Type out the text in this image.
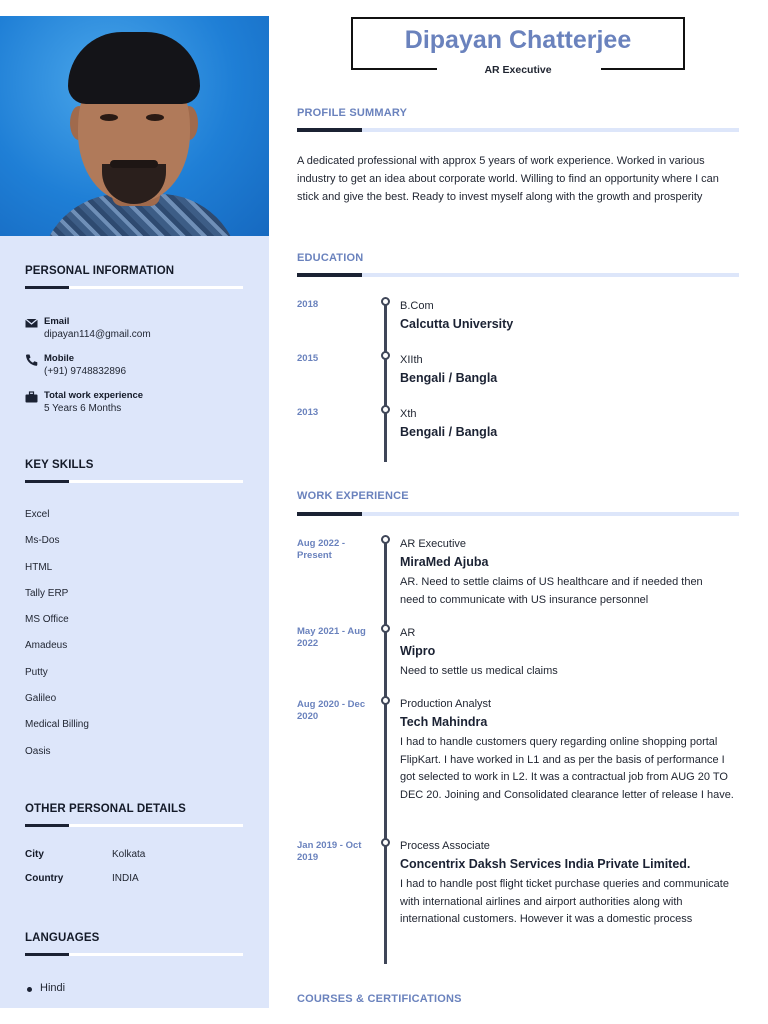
PERSONAL INFORMATION
Email
dipayan114@gmail.com
Mobile
(+91) 9748832896
Total work experience
5 Years 6 Months
KEY SKILLS
Excel
Ms-Dos
HTML
Tally ERP
MS Office
Amadeus
Putty
Galileo
Medical Billing
Oasis
OTHER PERSONAL DETAILS
City	Kolkata
Country	INDIA
LANGUAGES
Hindi
Dipayan Chatterjee
AR Executive
PROFILE SUMMARY
A dedicated professional with approx 5 years of work experience. Worked in various industry to get an idea about corporate world. Willing to find an opportunity where I can stick and give the best. Ready to invest myself along with the growth and prosperity
EDUCATION
2018	B.Com
Calcutta University
2015	XIIth
Bengali / Bangla
2013	Xth
Bengali / Bangla
WORK EXPERIENCE
Aug 2022 - Present
AR Executive
MiraMed Ajuba
AR. Need to settle claims of US healthcare and if needed then need to communicate with US insurance personnel
May 2021 - Aug 2022
AR
Wipro
Need to settle us medical claims
Aug 2020 - Dec 2020
Production Analyst
Tech Mahindra
I had to handle customers query regarding online shopping portal FlipKart. I have worked in L1 and as per the basis of performance I got selected to work in L2. It was a contractual job from AUG 20 TO DEC 20. Joining and Consolidated clearance letter of release I have.
Jan 2019 - Oct 2019
Process Associate
Concentrix Daksh Services India Private Limited.
I had to handle post flight ticket purchase queries and communicate with international airlines and airport authorities along with international customers. However it was a domestic process
COURSES & CERTIFICATIONS
